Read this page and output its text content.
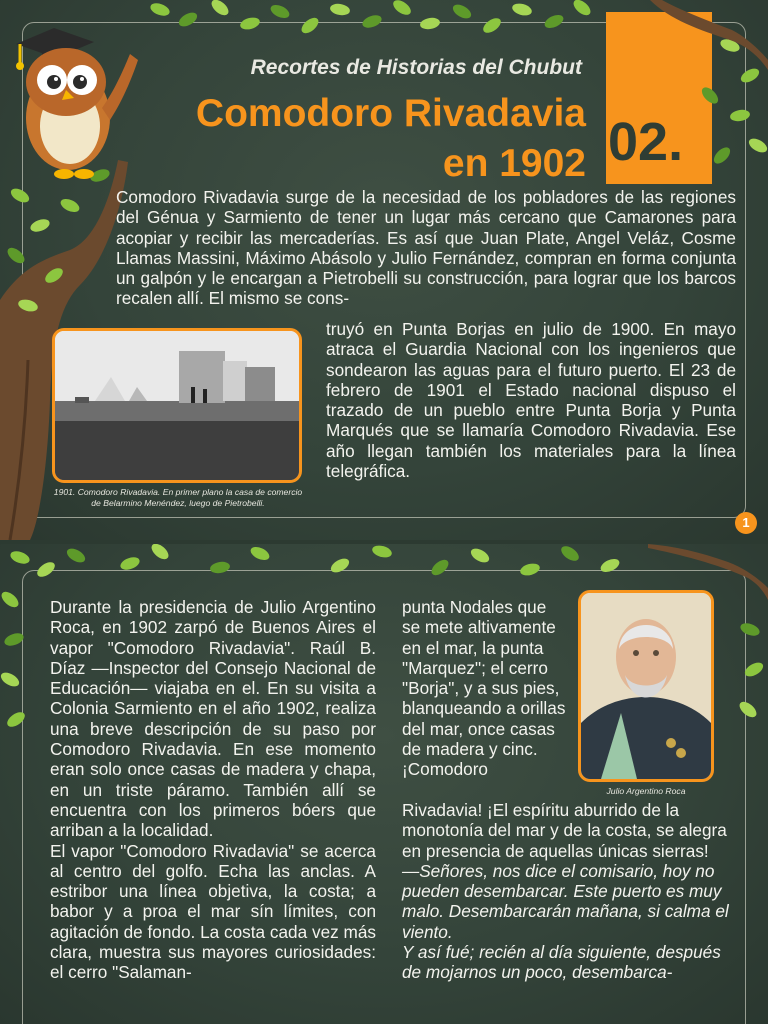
02.
Recortes de Historias del Chubut
Comodoro Rivadavia
en 1902

Comodoro Rivadavia surge de la necesidad de los pobladores de las regiones del Génua y Sarmiento de tener un lugar más cercano que Camarones para acopiar y recibir las mercaderías. Es así que Juan Plate, Angel Veláz, Cosme Llamas Massini, Máximo Abásolo y Julio Fernández, compran en forma conjunta un galpón y le encargan a Pietrobelli su construcción, para lograr que los barcos recalen allí. El mismo se cons-

1901. Comodoro Rivadavia. En primer plano la casa de comercio de Belarmino Menéndez, luego de Pietrobelli.

truyó en Punta Borjas en julio de 1900. En mayo atraca el Guardia Nacional con los ingenieros que sondearon las aguas para el futuro puerto. El 23 de febrero de 1901 el Estado nacional dispuso el trazado de un pueblo entre Punta Borja y Punta Marqués que se llamaría Comodoro Rivadavia. Ese año llegan también los materiales para la línea telegráfica.

1

Durante la presidencia de Julio Argentino Roca, en 1902 zarpó de Buenos Aires el vapor "Comodoro Rivadavia". Raúl B. Díaz —Inspector del Consejo Nacional de Educación— viajaba en el. En su visita a Colonia Sarmiento en el año 1902, realiza una breve descripción de su paso por Comodoro Rivadavia. En ese momento eran solo once casas de madera y chapa, en un triste páramo. También allí se encuentra con los primeros bóers que arriban a la localidad.

El vapor "Comodoro Rivadavia" se acerca al centro del golfo. Echa las anclas. A estribor una línea objetiva, la costa; a babor y a proa el mar sín límites, con agitación de fondo. La costa cada vez más clara, muestra sus mayores curiosidades: el cerro "Salaman-

punta Nodales que se mete altivamente en el mar, la punta "Marquez"; el cerro "Borja", y a sus pies, blanqueando a orillas del mar, once casas de madera y cinc. ¡Comodoro

Julio Argentino Roca

Rivadavia! ¡El espíritu aburrido de la monotonía del mar y de la costa, se alegra en presencia de aquellas únicas sierras!

—Señores, nos dice el comisario, hoy no pueden desembarcar. Este puerto es muy malo. Desembarcarán mañana, si calma el viento.

Y así fué; recién al día siguiente, después de mojarnos un poco, desembarca-
